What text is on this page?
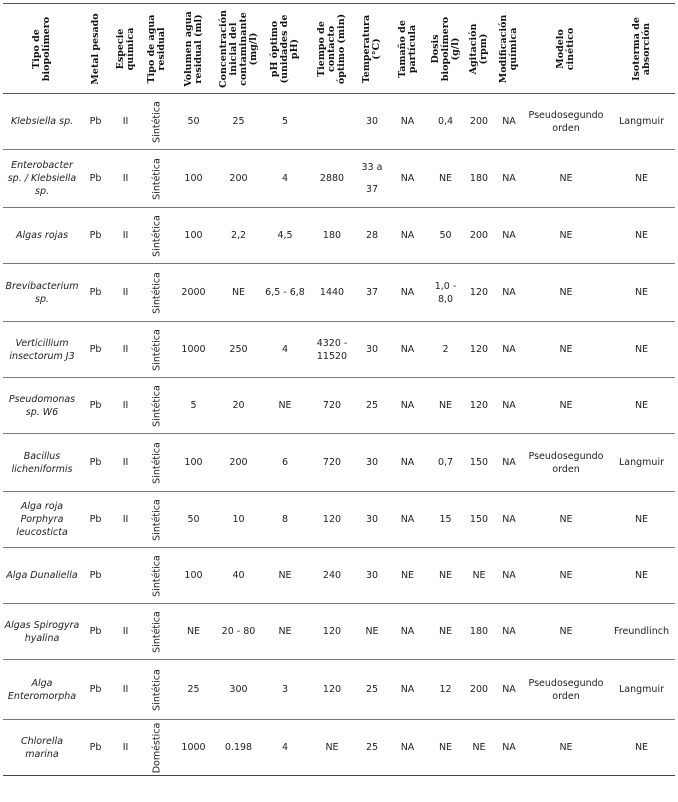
Tipo de biopolímero	Metal pesado	Especie química	Tipo de agua residual	Volumen agua residual (ml)	Concentración inicial del contaminante (mg/l)	pH óptimo (unidades de pH)	Tiempo de contacto óptimo (min)	Temperatura (°C)	Tamaño de partícula	Dosis biopolímero (g/l)	Agitación (rpm)	Modificación química	Modelo cinético	Isoterma de absorción

Klebsiella sp.	Pb	II	Sintética	50	25	5		30	NA	0,4	200	NA	Pseudosegundo orden	Langmuir
Enterobacter sp. / Klebsiella sp.	Pb	II	Sintética	100	200	4	2880	33 a 37	NA	NE	180	NA	NE	NE
Algas rojas	Pb	II	Sintética	100	2,2	4,5	180	28	NA	50	200	NA	NE	NE
Brevibacterium sp.	Pb	II	Sintética	2000	NE	6,5 - 6,8	1440	37	NA	1,0 - 8,0	120	NA	NE	NE
Verticillium insectorum J3	Pb	II	Sintética	1000	250	4	4320 - 11520	30	NA	2	120	NA	NE	NE
Pseudomonas sp. W6	Pb	II	Sintética	5	20	NE	720	25	NA	NE	120	NA	NE	NE
Bacillus licheniformis	Pb	II	Sintética	100	200	6	720	30	NA	0,7	150	NA	Pseudosegundo orden	Langmuir
Alga roja Porphyra leucosticta	Pb	II	Sintética	50	10	8	120	30	NA	15	150	NA	NE	NE
Alga Dunaliella	Pb		Sintética	100	40	NE	240	30	NE	NE	NE	NA	NE	NE
Algas Spirogyra hyalina	Pb	II	Sintética	NE	20 - 80	NE	120	NE	NA	NE	180	NA	NE	Freundlinch
Alga Enteromorpha	Pb	II	Sintética	25	300	3	120	25	NA	12	200	NA	Pseudosegundo orden	Langmuir
Chlorella marina	Pb	II	Doméstica	1000	0.198	4	NE	25	NA	NE	NE	NA	NE	NE
